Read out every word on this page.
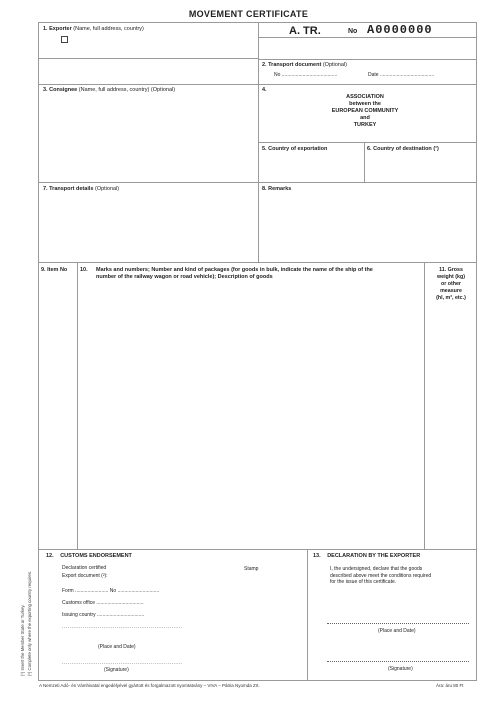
MOVEMENT CERTIFICATE
1. Exporter (Name, full address, country)	A. TR.	No A0000000
2. Transport document (Optional)
No ........................................	Date .......................................
3. Consignee (Name, full address, country) (Optional)	4.
ASSOCIATION
between the
EUROPEAN COMMUNITY
and
TURKEY
5. Country of exportation	6. Country of destination (¹)
7. Transport details (Optional)	8. Remarks
9. Item No 10. Marks and numbers; Number and kind of packages (for goods in bulk, indicate the name of the ship of the
number of the railway wagon or road vehicle); Description of goods
11. Gross
weight (kg)
or other
measure
(hl, m³, etc.)
12. CUSTOMS ENDORSEMENT
Declaration certified
Export document (²):
Stamp
Form ........................ No ..............................
Customs office ..................................
Issuing country ..................................
................................................................
(Place and Date)
................................................................
(Signature)
13. DECLARATION BY THE EXPORTER
I, the undersigned, declare that the goods
described above meet the conditions required
for the issue of this certificate.
(Place and Date)
(Signature)
(¹) Insert the Member State or Turkey. (²) Complete only where the exporting country requires.
A Nemzeti Adó- és Vámhivatal engedélyével gyártott és forgalmazott nyomtatvány – VIVA – Pátria Nyomda Zrt.	Ára: áru 80 Ft
